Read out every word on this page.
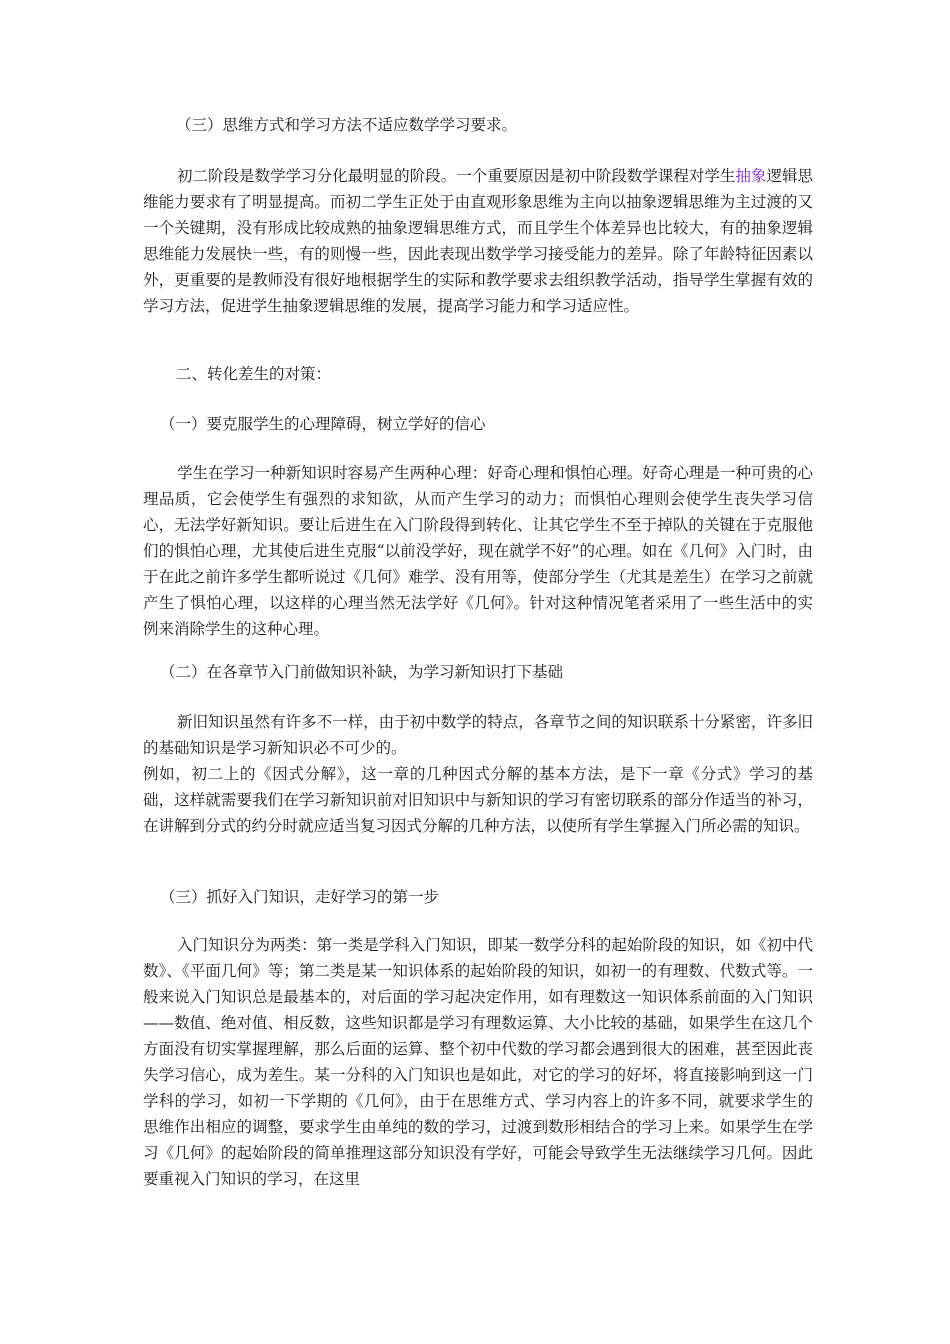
（三）思维方式和学习方法不适应数学学习要求。

初二阶段是数学学习分化最明显的阶段。一个重要原因是初中阶段数学课程对学生抽象逻辑思维能力要求有了明显提高。而初二学生正处于由直观形象思维为主向以抽象逻辑思维为主过渡的又一个关键期，没有形成比较成熟的抽象逻辑思维方式，而且学生个体差异也比较大，有的抽象逻辑思维能力发展快一些，有的则慢一些，因此表现出数学学习接受能力的差异。除了年龄特征因素以外，更重要的是教师没有很好地根据学生的实际和教学要求去组织教学活动，指导学生掌握有效的学习方法，促进学生抽象逻辑思维的发展，提高学习能力和学习适应性。

二、转化差生的对策：

（一）要克服学生的心理障碍，树立学好的信心

学生在学习一种新知识时容易产生两种心理：好奇心理和惧怕心理。好奇心理是一种可贵的心理品质，它会使学生有强烈的求知欲，从而产生学习的动力；而惧怕心理则会使学生丧失学习信心，无法学好新知识。要让后进生在入门阶段得到转化、让其它学生不至于掉队的关键在于克服他们的惧怕心理，尤其使后进生克服“以前没学好，现在就学不好”的心理。如在《几何》入门时，由于在此之前许多学生都听说过《几何》难学、没有用等，使部分学生（尤其是差生）在学习之前就产生了惧怕心理，以这样的心理当然无法学好《几何》。针对这种情况笔者采用了一些生活中的实例来消除学生的这种心理。

（二）在各章节入门前做知识补缺，为学习新知识打下基础

新旧知识虽然有许多不一样，由于初中数学的特点，各章节之间的知识联系十分紧密，许多旧的基础知识是学习新知识必不可少的。

例如，初二上的《因式分解》，这一章的几种因式分解的基本方法，是下一章《分式》学习的基础，这样就需要我们在学习新知识前对旧知识中与新知识的学习有密切联系的部分作适当的补习，在讲解到分式的约分时就应适当复习因式分解的几种方法，以使所有学生掌握入门所必需的知识。

（三）抓好入门知识，走好学习的第一步

入门知识分为两类：第一类是学科入门知识，即某一数学分科的起始阶段的知识，如《初中代数》、《平面几何》等；第二类是某一知识体系的起始阶段的知识，如初一的有理数、代数式等。一般来说入门知识总是最基本的，对后面的学习起决定作用，如有理数这一知识体系前面的入门知识——数值、绝对值、相反数，这些知识都是学习有理数运算、大小比较的基础，如果学生在这几个方面没有切实掌握理解，那么后面的运算、整个初中代数的学习都会遇到很大的困难，甚至因此丧失学习信心，成为差生。某一分科的入门知识也是如此，对它的学习的好坏，将直接影响到这一门学科的学习，如初一下学期的《几何》，由于在思维方式、学习内容上的许多不同，就要求学生的思维作出相应的调整，要求学生由单纯的数的学习，过渡到数形相结合的学习上来。如果学生在学习《几何》的起始阶段的简单推理这部分知识没有学好，可能会导致学生无法继续学习几何。因此要重视入门知识的学习，在这里
